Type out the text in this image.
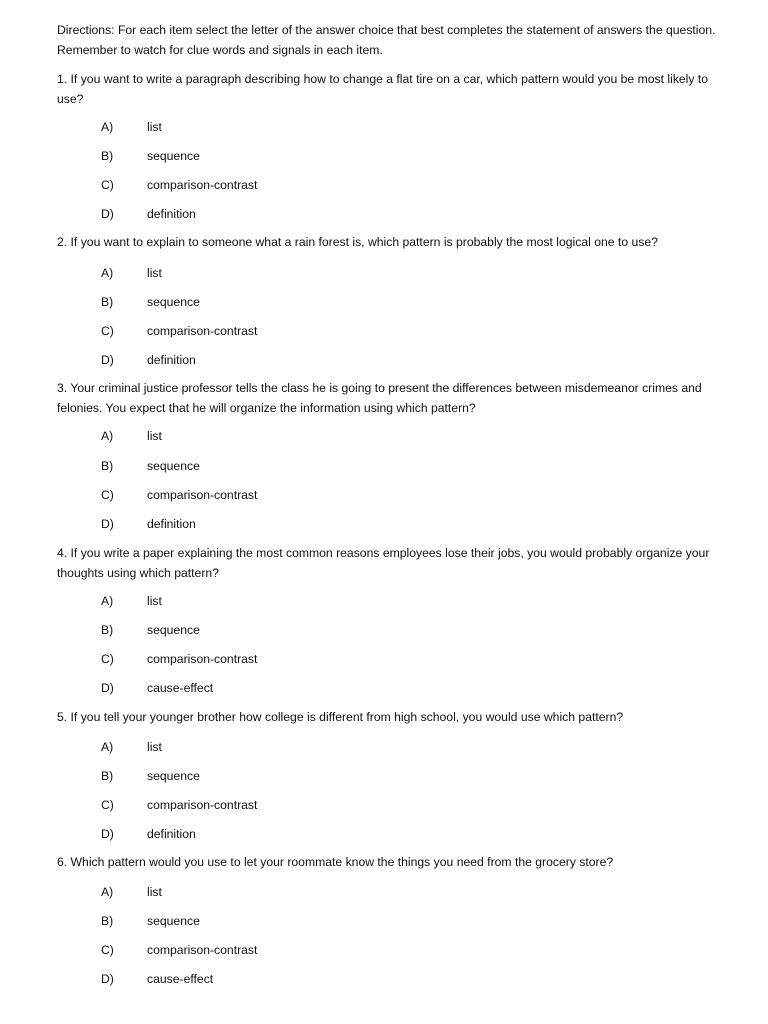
Directions: For each item select the letter of the answer choice that best completes the statement of answers the question. Remember to watch for clue words and signals in each item.

1. If you want to write a paragraph describing how to change a flat tire on a car, which pattern would you be most likely to use?

A)	list
B)	sequence
C)	comparison-contrast
D)	definition

2. If you want to explain to someone what a rain forest is, which pattern is probably the most logical one to use?

A)	list
B)	sequence
C)	comparison-contrast
D)	definition

3. Your criminal justice professor tells the class he is going to present the differences between misdemeanor crimes and felonies. You expect that he will organize the information using which pattern?

A)	list
B)	sequence
C)	comparison-contrast
D)	definition

4. If you write a paper explaining the most common reasons employees lose their jobs, you would probably organize your thoughts using which pattern?

A)	list
B)	sequence
C)	comparison-contrast
D)	cause-effect

5. If you tell your younger brother how college is different from high school, you would use which pattern?

A)	list
B)	sequence
C)	comparison-contrast
D)	definition

6. Which pattern would you use to let your roommate know the things you need from the grocery store?

A)	list
B)	sequence
C)	comparison-contrast
D)	cause-effect
